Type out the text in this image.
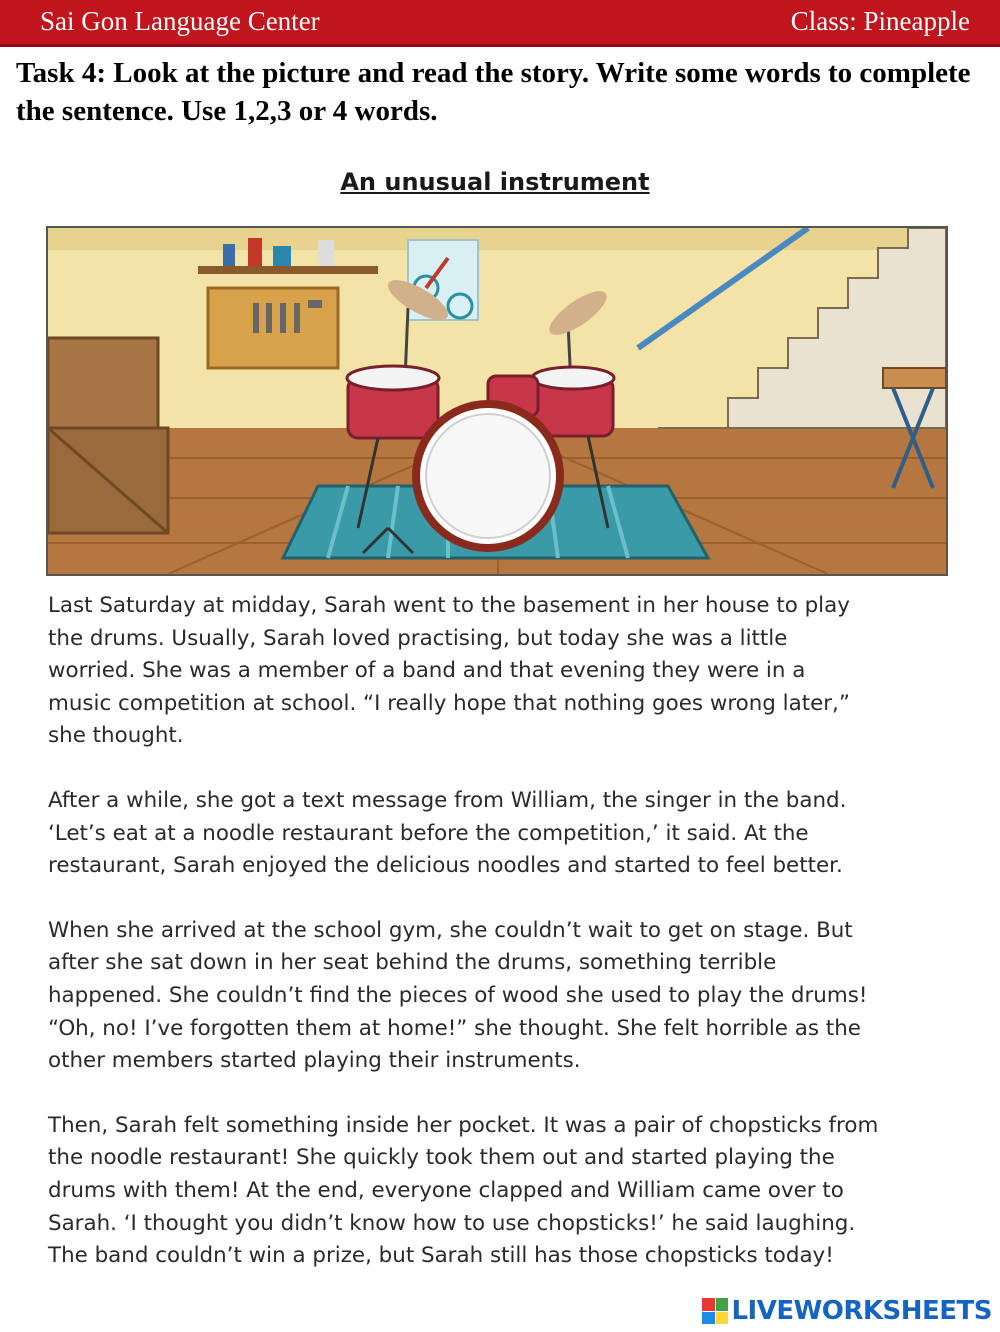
Sai Gon Language Center	Class: Pineapple
Task 4: Look at the picture and read the story. Write some words to complete the sentence. Use 1,2,3 or 4 words.
An unusual instrument

Last Saturday at midday, Sarah went to the basement in her house to play
the drums. Usually, Sarah loved practising, but today she was a little
worried. She was a member of a band and that evening they were in a
music competition at school. “I really hope that nothing goes wrong later,”
she thought.

After a while, she got a text message from William, the singer in the band.
‘Let’s eat at a noodle restaurant before the competition,’ it said. At the
restaurant, Sarah enjoyed the delicious noodles and started to feel better.

When she arrived at the school gym, she couldn’t wait to get on stage. But
after she sat down in her seat behind the drums, something terrible
happened. She couldn’t find the pieces of wood she used to play the drums!
“Oh, no! I’ve forgotten them at home!” she thought. She felt horrible as the
other members started playing their instruments.

Then, Sarah felt something inside her pocket. It was a pair of chopsticks from
the noodle restaurant! She quickly took them out and started playing the
drums with them! At the end, everyone clapped and William came over to
Sarah. ‘I thought you didn’t know how to use chopsticks!’ he said laughing.
The band couldn’t win a prize, but Sarah still has those chopsticks today!

LIVEWORKSHEETS
